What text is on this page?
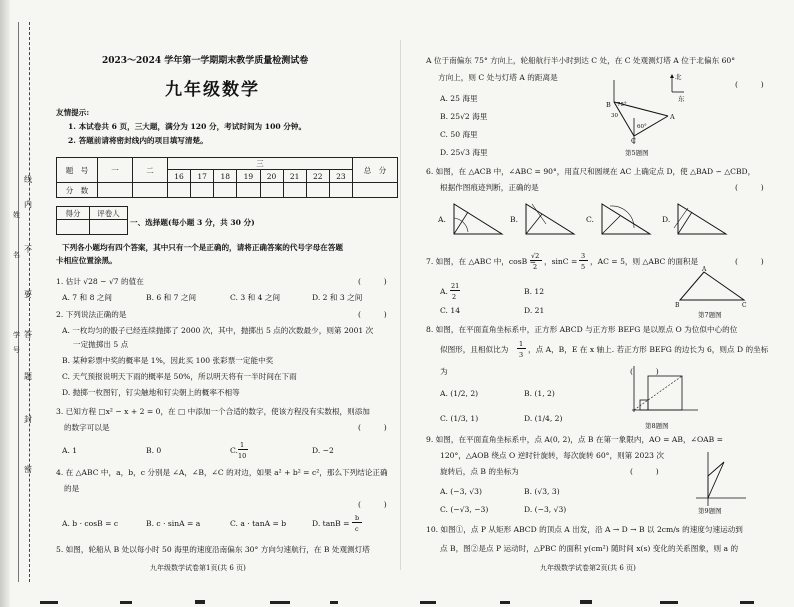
线
内
不
要
答
题
封
姓
名
学
号
密
2023～2024 学年第一学期期末教学质量检测试卷
九年级数学
友情提示:
1. 本试卷共 6 页，三大题，满分为 120 分，考试时间为 100 分钟。
2. 答题前请将密封线内的项目填写清楚。
题　号	一	二	三								总　分
			16	17	18	19	20	21	22	23	
分　数											
得分	评卷人

一、选择题(每小题 3 分，共 30 分)
下列各小题均有四个答案，其中只有一个是正确的，请将正确答案的代号字母在答题
卡相应位置涂黑。
1. 估计 √28 − √7 的值在	(　　　)
A. 7 和 8 之间	B. 6 和 7 之间	C. 3 和 4 之间	D. 2 和 3 之间
2. 下列说法正确的是	(　　　)
A. 一枚均匀的骰子已经连续抛掷了 2000 次，其中，抛掷出 5 点的次数最少，则第 2001 次
一定抛掷出 5 点
B. 某种彩票中奖的概率是 1%，因此买 100 张彩票一定能中奖
C. 天气预报说明天下雨的概率是 50%，所以明天将有一半时间在下雨
D. 抛掷一枚图钉，钉尖触地和钉尖朝上的概率不相等
3. 已知方程 □x² − x + 2 = 0，在 □ 中添加一个合适的数字，使该方程没有实数根，则添加
的数字可以是	(　　　)
A. 1	B. 0	C.
1
10
D. −2
4. 在 △ABC 中，a，b，c 分别是 ∠A，∠B，∠C 的对边，如果 a² + b² = c²，那么下列结论正确
的是
(　　　)
A. b · cosB = c	B. c · sinA = a	C. a · tanA = b	D. tanB =
b
c
5. 如图，轮船从 B 处以每小时 50 海里的速度沿南偏东 30° 方向匀速航行，在 B 处观测灯塔
九年级数学试卷第1页(共 6 页)
A 位于南偏东 75° 方向上，轮船航行半小时到达 C 处，在 C 处观测灯塔 A 位于北偏东 60°
方向上，则 C 处与灯塔 A 的距离是
(　　　)
A. 25 海里
B. 25√2 海里
C. 50 海里
D. 25√3 海里
北
东
B
C
A
75°
30
60°
第5题图
6. 如图，在 △ACB 中，∠ABC = 90°，用直尺和圆规在 AC 上确定点 D，使 △BAD ∽ △CBD，
根据作图痕迹判断，正确的是	(　　　)
A.	B.	C.	D.
7. 如图，在 △ABC 中，cosB =
√2
2
，sinC =
3
5
，AC = 5，则 △ABC 的面积是	(　　　)
A.
21
2
B. 12
C. 14	D. 21
A
B	C
第7题图
8. 如图，在平面直角坐标系中，正方形 ABCD 与正方形 BEFG 是以原点 O 为位似中心的位
似图形，且相似比为
1
3
，点 A，B，E 在 x 轴上. 若正方形 BEFG 的边长为 6，则点 D 的坐标
为	(　　　)
A. (1/2, 2)	B. (1, 2)
C. (1/3, 1)	D. (1/4, 2)
第8题图
9. 如图，在平面直角坐标系中，点 A(0, 2)，点 B 在第一象限内，AO = AB，∠OAB =
120°，△AOB 绕点 O 逆时针旋转，每次旋转 60°，则第 2023 次
旋转后，点 B 的坐标为	(　　　)
A. (−3, √3)	B. (√3, 3)
C. (−√3, −3)	D. (−3, √3)	第9题图
10. 如图①，点 P 从矩形 ABCD 的顶点 A 出发，沿 A → D → B 以 2cm/s 的速度匀速运动到
点 B，图②是点 P 运动时，△PBC 的面积 y(cm²) 随时间 x(s) 变化的关系图象，则 a 的
九年级数学试卷第2页(共 6 页)
